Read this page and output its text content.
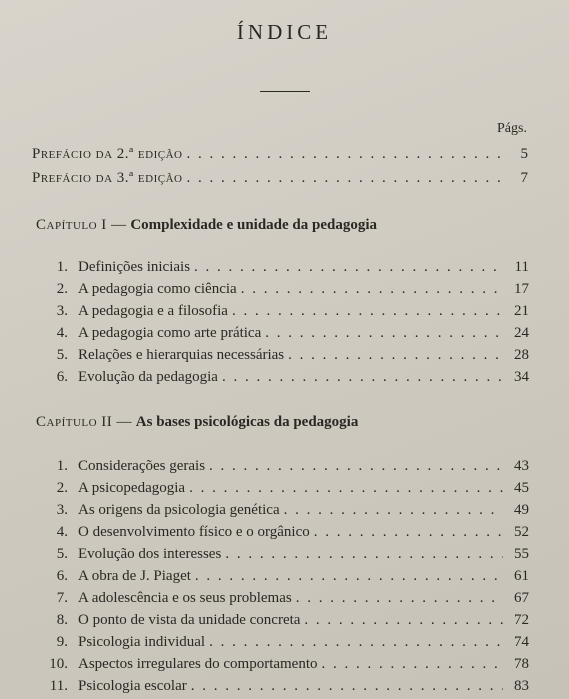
ÍNDICE
Págs.
Prefácio da 2.ª edição . . .	5
Prefácio da 3.ª edição . . .	7
Capítulo I — Complexidade e unidade da pedagogia
1. Definições iniciais . . .	11
2. A pedagogia como ciência . . .	17
3. A pedagogia e a filosofia . . .	21
4. A pedagogia como arte prática . . .	24
5. Relações e hierarquias necessárias . . .	28
6. Evolução da pedagogia . . .	34
Capítulo II — As bases psicológicas da pedagogia
1. Considerações gerais . . .	43
2. A psicopedagogia . . .	45
3. As origens da psicologia genética . . .	49
4. O desenvolvimento físico e o orgânico . . .	52
5. Evolução dos interesses . . .	55
6. A obra de J. Piaget . . .	61
7. A adolescência e os seus problemas . . .	67
8. O ponto de vista da unidade concreta . . .	72
9. Psicologia individual . . .	74
10. Aspectos irregulares do comportamento . . .	78
11. Psicologia escolar . . .	83
